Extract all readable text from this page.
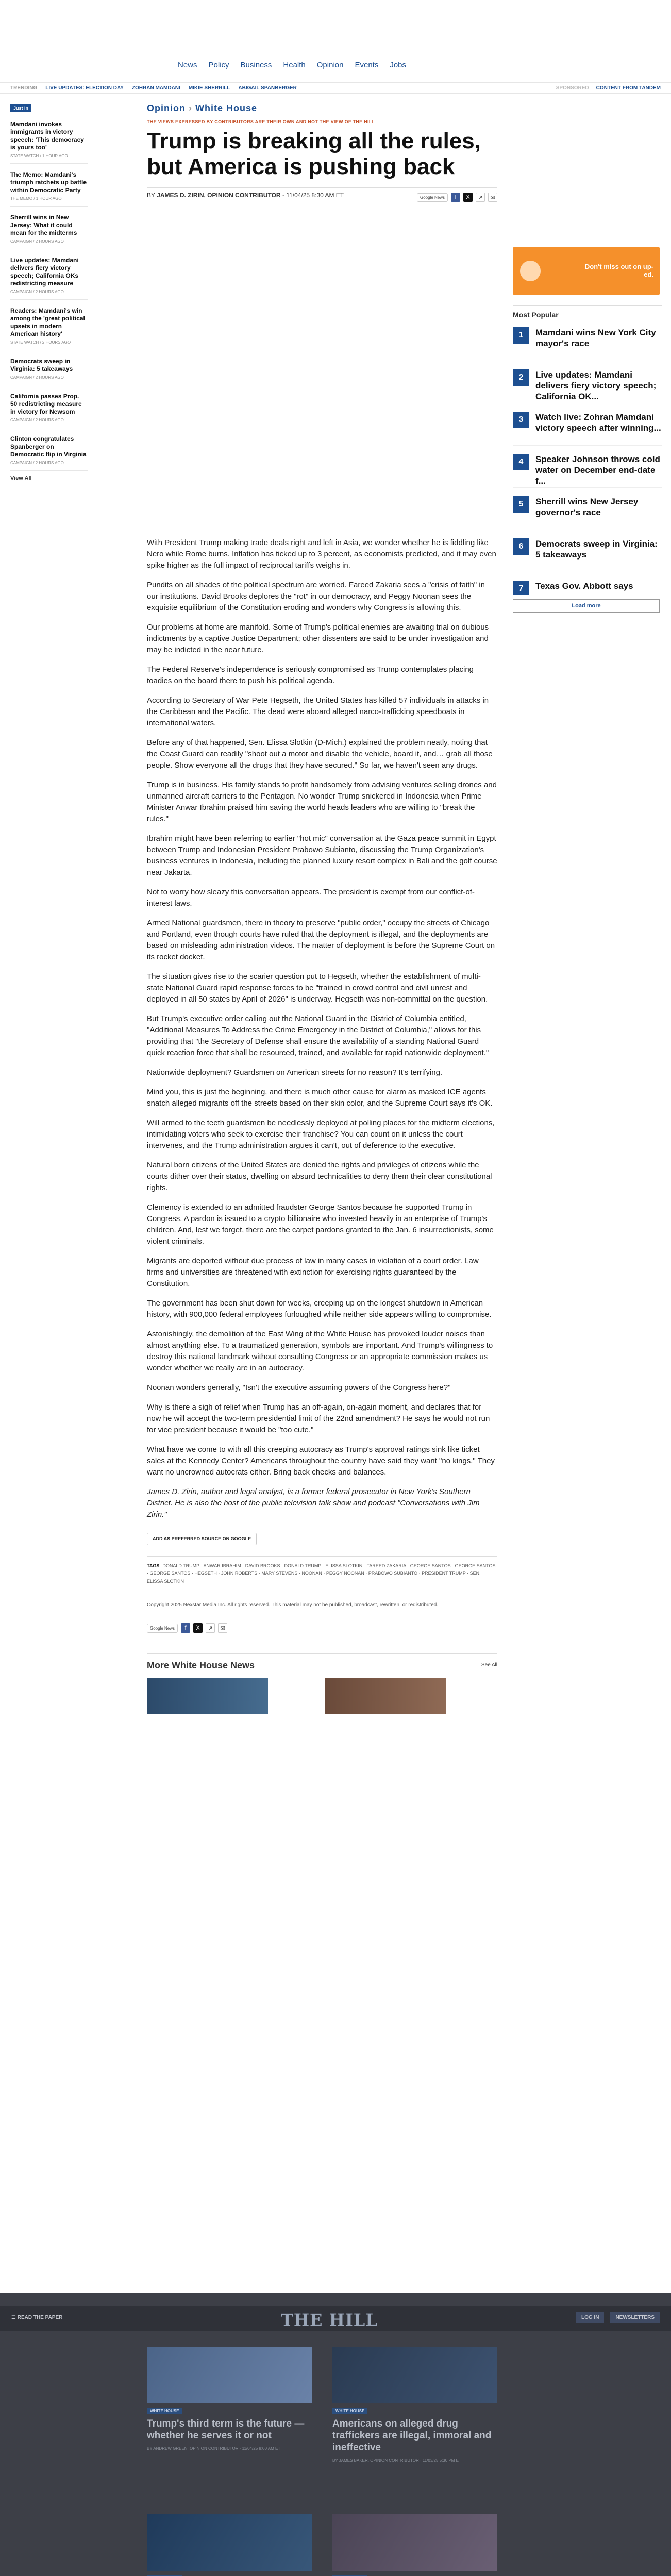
News Policy Business Health Opinion Events Jobs
TRENDING LIVE UPDATES: ELECTION DAY ZOHRAN MAMDANI MIKIE SHERRILL ABIGAIL SPANBERGER	SPONSORED CONTENT FROM TANDEM
Just In
Mamdani invokes immigrants in victory speech: 'This democracy is yours too'
STATE WATCH / 1 HOUR AGO
The Memo: Mamdani's triumph ratchets up battle within Democratic Party
THE MEMO / 1 HOUR AGO
Sherrill wins in New Jersey: What it could mean for the midterms
CAMPAIGN / 2 HOURS AGO
Live updates: Mamdani delivers fiery victory speech; California OKs redistricting measure
CAMPAIGN / 2 HOURS AGO
Readers: Mamdani's win among the 'great political upsets in modern American history'
STATE WATCH / 2 HOURS AGO
Democrats sweep in Virginia: 5 takeaways
CAMPAIGN / 2 HOURS AGO
California passes Prop. 50 redistricting measure in victory for Newsom
CAMPAIGN / 2 HOURS AGO
Clinton congratulates Spanberger on Democratic flip in Virginia
CAMPAIGN / 2 HOURS AGO
View All
Opinion › White House
THE VIEWS EXPRESSED BY CONTRIBUTORS ARE THEIR OWN AND NOT THE VIEW OF THE HILL
Trump is breaking all the rules, but America is pushing back
BY JAMES D. ZIRIN, OPINION CONTRIBUTOR - 11/04/25 8:30 AM ET	Google News	f	X	↗	✉

With President Trump making trade deals right and left in Asia, we wonder whether he is fiddling like Nero while Rome burns. Inflation has ticked up to 3 percent, as economists predicted, and it may even spike higher as the full impact of reciprocal tariffs weighs in.

Pundits on all shades of the political spectrum are worried. Fareed Zakaria sees a "crisis of faith" in our institutions. David Brooks deplores the "rot" in our democracy, and Peggy Noonan sees the exquisite equilibrium of the Constitution eroding and wonders why Congress is allowing this.

Our problems at home are manifold. Some of Trump's political enemies are awaiting trial on dubious indictments by a captive Justice Department; other dissenters are said to be under investigation and may be indicted in the near future.

The Federal Reserve's independence is seriously compromised as Trump contemplates placing toadies on the board there to push his political agenda.

According to Secretary of War Pete Hegseth, the United States has killed 57 individuals in attacks in the Caribbean and the Pacific. The dead were aboard alleged narco-trafficking speedboats in international waters.

Before any of that happened, Sen. Elissa Slotkin (D-Mich.) explained the problem neatly, noting that the Coast Guard can readily "shoot out a motor and disable the vehicle, board it, and… grab all those people. Show everyone all the drugs that they have secured." So far, we haven't seen any drugs.

Trump is in business. His family stands to profit handsomely from advising ventures selling drones and unmanned aircraft carriers to the Pentagon. No wonder Trump snickered in Indonesia when Prime Minister Anwar Ibrahim praised him saving the world heads leaders who are willing to "break the rules."

Ibrahim might have been referring to earlier "hot mic" conversation at the Gaza peace summit in Egypt between Trump and Indonesian President Prabowo Subianto, discussing the Trump Organization's business ventures in Indonesia, including the planned luxury resort complex in Bali and the golf course near Jakarta.

Not to worry how sleazy this conversation appears. The president is exempt from our conflict-of-interest laws.

Armed National guardsmen, there in theory to preserve "public order," occupy the streets of Chicago and Portland, even though courts have ruled that the deployment is illegal, and the deployments are based on misleading administration videos. The matter of deployment is before the Supreme Court on its rocket docket.

The situation gives rise to the scarier question put to Hegseth, whether the establishment of multi-state National Guard rapid response forces to be "trained in crowd control and civil unrest and deployed in all 50 states by April of 2026" is underway. Hegseth was non-committal on the question.

But Trump's executive order calling out the National Guard in the District of Columbia entitled, "Additional Measures To Address the Crime Emergency in the District of Columbia," allows for this providing that "the Secretary of Defense shall ensure the availability of a standing National Guard quick reaction force that shall be resourced, trained, and available for rapid nationwide deployment."

Nationwide deployment? Guardsmen on American streets for no reason? It's terrifying.

Mind you, this is just the beginning, and there is much other cause for alarm as masked ICE agents snatch alleged migrants off the streets based on their skin color, and the Supreme Court says it's OK.

Will armed to the teeth guardsmen be needlessly deployed at polling places for the midterm elections, intimidating voters who seek to exercise their franchise? You can count on it unless the court intervenes, and the Trump administration argues it can't, out of deference to the executive.

Natural born citizens of the United States are denied the rights and privileges of citizens while the courts dither over their status, dwelling on absurd technicalities to deny them their clear constitutional rights.

Clemency is extended to an admitted fraudster George Santos because he supported Trump in Congress. A pardon is issued to a crypto billionaire who invested heavily in an enterprise of Trump's children. And, lest we forget, there are the carpet pardons granted to the Jan. 6 insurrectionists, some violent criminals.

Migrants are deported without due process of law in many cases in violation of a court order. Law firms and universities are threatened with extinction for exercising rights guaranteed by the Constitution.

The government has been shut down for weeks, creeping up on the longest shutdown in American history, with 900,000 federal employees furloughed while neither side appears willing to compromise.

Astonishingly, the demolition of the East Wing of the White House has provoked louder noises than almost anything else. To a traumatized generation, symbols are important. And Trump's willingness to destroy this national landmark without consulting Congress or an appropriate commission makes us wonder whether we really are in an autocracy.

Noonan wonders generally, "Isn't the executive assuming powers of the Congress here?"

Why is there a sigh of relief when Trump has an off-again, on-again moment, and declares that for now he will accept the two-term presidential limit of the 22nd amendment? He says he would not run for vice president because it would be "too cute."

What have we come to with all this creeping autocracy as Trump's approval ratings sink like ticket sales at the Kennedy Center? Americans throughout the country have said they want "no kings." They want no uncrowned autocrats either. Bring back checks and balances.

James D. Zirin, author and legal analyst, is a former federal prosecutor in New York's Southern District. He is also the host of the public television talk show and podcast "Conversations with Jim Zirin."

ADD AS PREFERRED SOURCE ON GOOGLE
TAGS DONALD TRUMP · ANWAR IBRAHIM · DAVID BROOKS · DONALD TRUMP · ELISSA SLOTKIN · FAREED ZAKARIA · GEORGE SANTOS · GEORGE SANTOS · GEORGE SANTOS · HEGSETH · JOHN ROBERTS · MARY STEVENS · NOONAN · PEGGY NOONAN · PRABOWO SUBIANTO · PRESIDENT TRUMP · SEN. ELISSA SLOTKIN
Copyright 2025 Nexstar Media Inc. All rights reserved. This material may not be published, broadcast, rewritten, or redistributed.
Google News	f	X	↗	✉
More White House News	See All
Don't miss out on up-ed.
Most Popular
1	Mamdani wins New York City mayor's race
2	Live updates: Mamdani delivers fiery victory speech; California OK...
3	Watch live: Zohran Mamdani victory speech after winning...
4	Speaker Johnson throws cold water on December end-date f...
5	Sherrill wins New Jersey governor's race
6	Democrats sweep in Virginia: 5 takeaways
7	Texas Gov. Abbott says
Load more
☰ READ THE PAPER	THE HILL	LOG IN	NEWSLETTERS
WHITE HOUSE
Trump's third term is the future — whether he serves it or not
BY ANDREW GREEN, OPINION CONTRIBUTOR · 11/04/25 8:00 AM ET
WHITE HOUSE
Americans on alleged drug traffickers are illegal, immoral and ineffective
BY JAMES BAKER, OPINION CONTRIBUTOR · 11/03/25 5:30 PM ET
